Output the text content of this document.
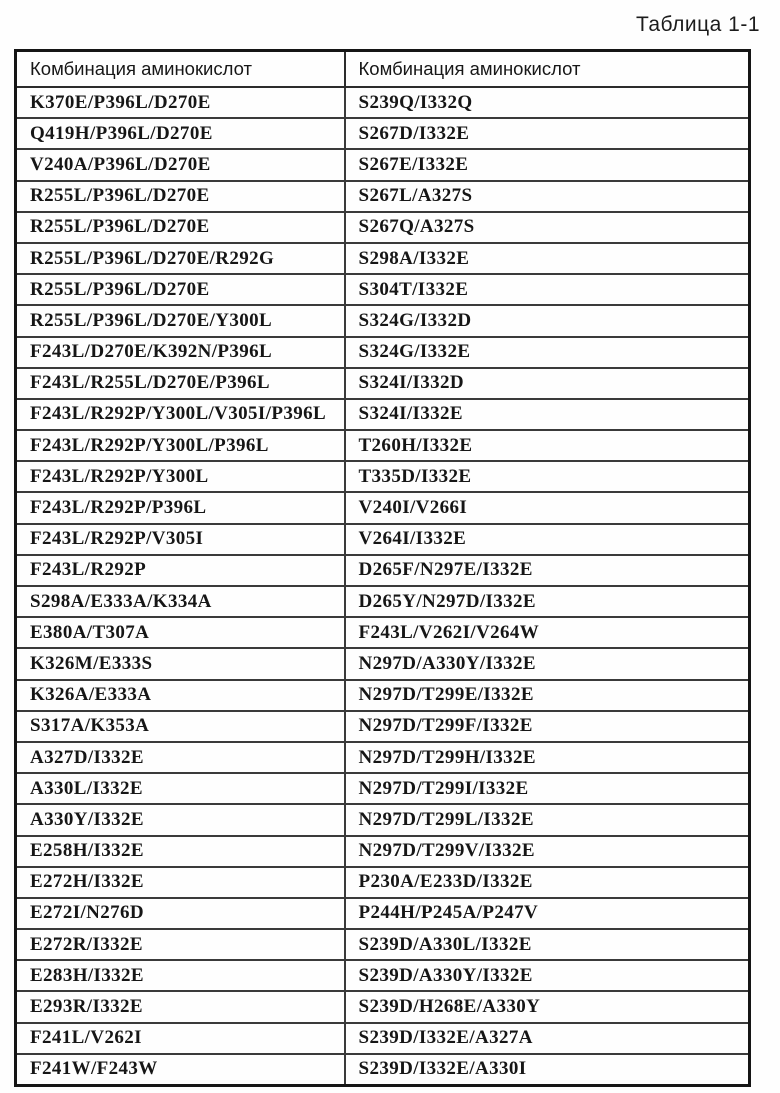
Таблица 1-1
Комбинация аминокислот	Комбинация аминокислот
K370E/P396L/D270E	S239Q/I332Q
Q419H/P396L/D270E	S267D/I332E
V240A/P396L/D270E	S267E/I332E
R255L/P396L/D270E	S267L/A327S
R255L/P396L/D270E	S267Q/A327S
R255L/P396L/D270E/R292G	S298A/I332E
R255L/P396L/D270E	S304T/I332E
R255L/P396L/D270E/Y300L	S324G/I332D
F243L/D270E/K392N/P396L	S324G/I332E
F243L/R255L/D270E/P396L	S324I/I332D
F243L/R292P/Y300L/V305I/P396L	S324I/I332E
F243L/R292P/Y300L/P396L	T260H/I332E
F243L/R292P/Y300L	T335D/I332E
F243L/R292P/P396L	V240I/V266I
F243L/R292P/V305I	V264I/I332E
F243L/R292P	D265F/N297E/I332E
S298A/E333A/K334A	D265Y/N297D/I332E
E380A/T307A	F243L/V262I/V264W
K326M/E333S	N297D/A330Y/I332E
K326A/E333A	N297D/T299E/I332E
S317A/K353A	N297D/T299F/I332E
A327D/I332E	N297D/T299H/I332E
A330L/I332E	N297D/T299I/I332E
A330Y/I332E	N297D/T299L/I332E
E258H/I332E	N297D/T299V/I332E
E272H/I332E	P230A/E233D/I332E
E272I/N276D	P244H/P245A/P247V
E272R/I332E	S239D/A330L/I332E
E283H/I332E	S239D/A330Y/I332E
E293R/I332E	S239D/H268E/A330Y
F241L/V262I	S239D/I332E/A327A
F241W/F243W	S239D/I332E/A330I
